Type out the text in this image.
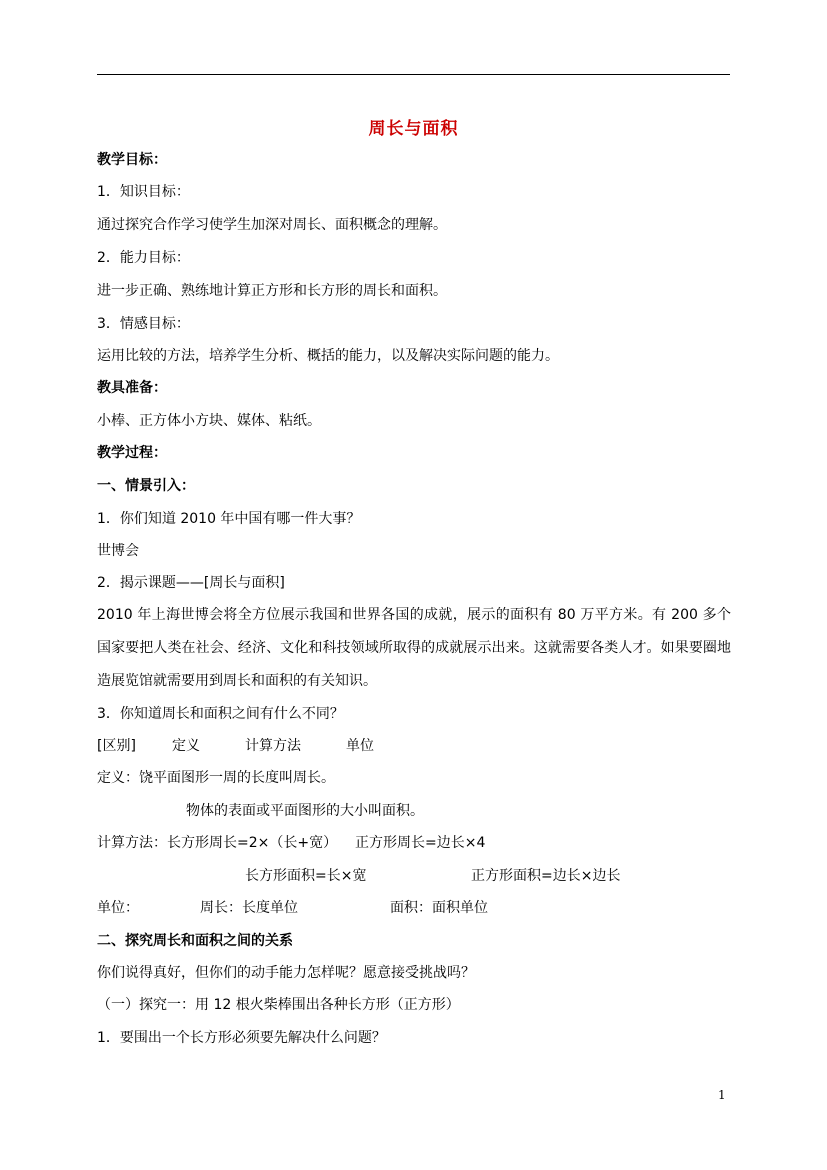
周长与面积
教学目标：
1．知识目标：
通过探究合作学习使学生加深对周长、面积概念的理解。
2．能力目标：
进一步正确、熟练地计算正方形和长方形的周长和面积。
3．情感目标：
运用比较的方法，培养学生分析、概括的能力，以及解决实际问题的能力。
教具准备：
小棒、正方体小方块、媒体、粘纸。
教学过程：
一、情景引入：
1．你们知道 2010 年中国有哪一件大事？
世博会
2．揭示课题——[周长与面积]
2010 年上海世博会将全方位展示我国和世界各国的成就，展示的面积有 80 万平方米。有 200 多个国家要把人类在社会、经济、文化和科技领域所取得的成就展示出来。这就需要各类人才。如果要圈地造展览馆就需要用到周长和面积的有关知识。
3．你知道周长和面积之间有什么不同？
[区别]	定义	计算方法	单位
定义：饶平面图形一周的长度叫周长。
物体的表面或平面图形的大小叫面积。
计算方法：长方形周长=2×（长+宽） 正方形周长=边长×4
长方形面积=长×宽	正方形面积=边长×边长
单位：	周长：长度单位	面积：面积单位
二、探究周长和面积之间的关系
你们说得真好，但你们的动手能力怎样呢？愿意接受挑战吗？
（一）探究一：用 12 根火柴棒围出各种长方形（正方形）
1．要围出一个长方形必须要先解决什么问题？
1
